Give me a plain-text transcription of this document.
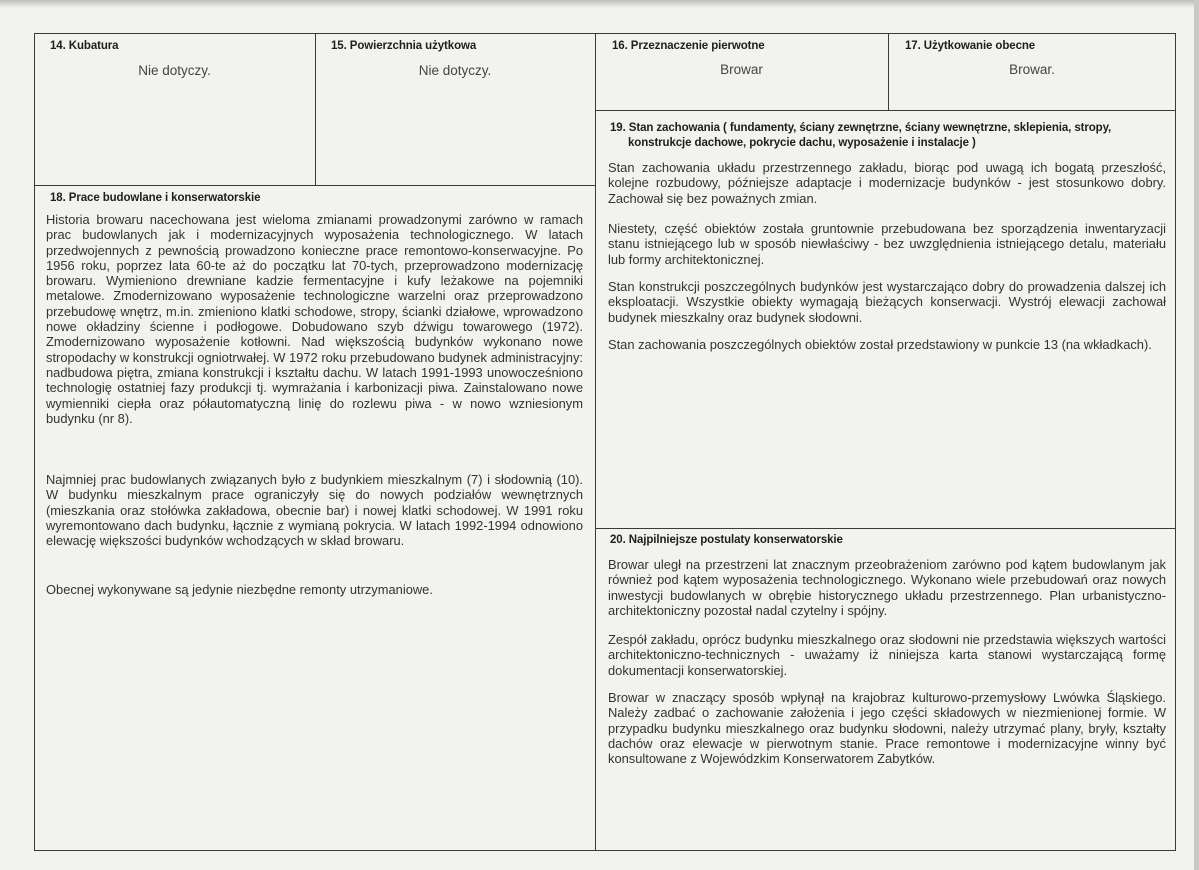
14. Kubatura
Nie dotyczy.
15. Powierzchnia użytkowa
Nie dotyczy.
16. Przeznaczenie pierwotne
Browar
17. Użytkowanie obecne
Browar.
18. Prace budowlane i konserwatorskie

Historia browaru nacechowana jest wieloma zmianami prowadzonymi zarówno w ramach prac budowlanych jak i modernizacyjnych wyposażenia technologicznego. W latach przedwojennych z pewnością prowadzono konieczne prace remontowo-konserwacyjne. Po 1956 roku, poprzez lata 60-te aż do początku lat 70-tych, przeprowadzono modernizację browaru. Wymieniono drewniane kadzie fermentacyjne i kufy leżakowe na pojemniki metalowe. Zmodernizowano wyposażenie technologiczne warzelni oraz przeprowadzono przebudowę wnętrz, m.in. zmieniono klatki schodowe, stropy, ścianki działowe, wprowadzono nowe okładziny ścienne i podłogowe. Dobudowano szyb dźwigu towarowego (1972). Zmodernizowano wyposażenie kotłowni. Nad większością budynków wykonano nowe stropodachy w konstrukcji ogniotrwałej. W 1972 roku przebudowano budynek administracyjny: nadbudowa piętra, zmiana konstrukcji i kształtu dachu. W latach 1991-1993 unowocześniono technologię ostatniej fazy produkcji tj. wymrażania i karbonizacji piwa. Zainstalowano nowe wymienniki ciepła oraz półautomatyczną linię do rozlewu piwa - w nowo wzniesionym budynku (nr 8).

Najmniej prac budowlanych związanych było z budynkiem mieszkalnym (7) i słodownią (10). W budynku mieszkalnym prace ograniczyły się do nowych podziałów wewnętrznych (mieszkania oraz stołówka zakładowa, obecnie bar) i nowej klatki schodowej. W 1991 roku wyremontowano dach budynku, łącznie z wymianą pokrycia. W latach 1992-1994 odnowiono elewację większości budynków wchodzących w skład browaru.

Obecnej wykonywane są jedynie niezbędne remonty utrzymaniowe.

19. Stan zachowania ( fundamenty, ściany zewnętrzne, ściany wewnętrzne, sklepienia, stropy,
konstrukcje dachowe, pokrycie dachu, wyposażenie i instalacje )

Stan zachowania układu przestrzennego zakładu, biorąc pod uwagą ich bogatą przeszłość, kolejne rozbudowy, późniejsze adaptacje i modernizacje budynków - jest stosunkowo dobry. Zachował się bez poważnych zmian.

Niestety, część obiektów została gruntownie przebudowana bez sporządzenia inwentaryzacji stanu istniejącego lub w sposób niewłaściwy - bez uwzględnienia istniejącego detalu, materiału lub formy architektonicznej.

Stan konstrukcji poszczególnych budynków jest wystarczająco dobry do prowadzenia dalszej ich eksploatacji. Wszystkie obiekty wymagają bieżących konserwacji. Wystrój elewacji zachował budynek mieszkalny oraz budynek słodowni.

Stan zachowania poszczególnych obiektów został przedstawiony w punkcie 13 (na wkładkach).

20. Najpilniejsze postulaty konserwatorskie

Browar uległ na przestrzeni lat znacznym przeobrażeniom zarówno pod kątem budowlanym jak również pod kątem wyposażenia technologicznego. Wykonano wiele przebudowań oraz nowych inwestycji budowlanych w obrębie historycznego układu przestrzennego. Plan urbanistyczno-architektoniczny pozostał nadal czytelny i spójny.

Zespół zakładu, oprócz budynku mieszkalnego oraz słodowni nie przedstawia większych wartości architektoniczno-technicznych - uważamy iż niniejsza karta stanowi wystarczającą formę dokumentacji konserwatorskiej.

Browar w znaczący sposób wpłynął na krajobraz kulturowo-przemysłowy Lwówka Śląskiego. Należy zadbać o zachowanie założenia i jego części składowych w niezmienionej formie. W przypadku budynku mieszkalnego oraz budynku słodowni, należy utrzymać plany, bryły, kształty dachów oraz elewacje w pierwotnym stanie. Prace remontowe i modernizacyjne winny być konsultowane z Wojewódzkim Konserwatorem Zabytków.
